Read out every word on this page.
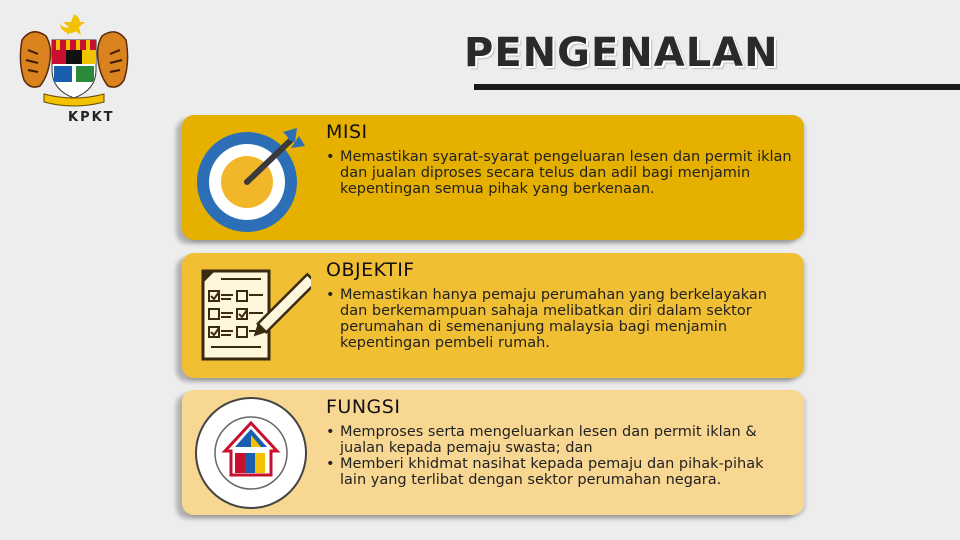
KPKT
PENGENALAN
MISI
• Memastikan syarat-syarat pengeluaran lesen dan permit iklan dan jualan diproses secara telus dan adil bagi menjamin kepentingan semua pihak yang berkenaan.
OBJEKTIF
• Memastikan hanya pemaju perumahan yang berkelayakan dan berkemampuan sahaja melibatkan diri dalam sektor perumahan di semenanjung malaysia bagi menjamin kepentingan pembeli rumah.
FUNGSI
• Memproses serta mengeluarkan lesen dan permit iklan & jualan kepada pemaju swasta; dan
• Memberi khidmat nasihat kepada pemaju dan pihak-pihak lain yang terlibat dengan sektor perumahan negara.
